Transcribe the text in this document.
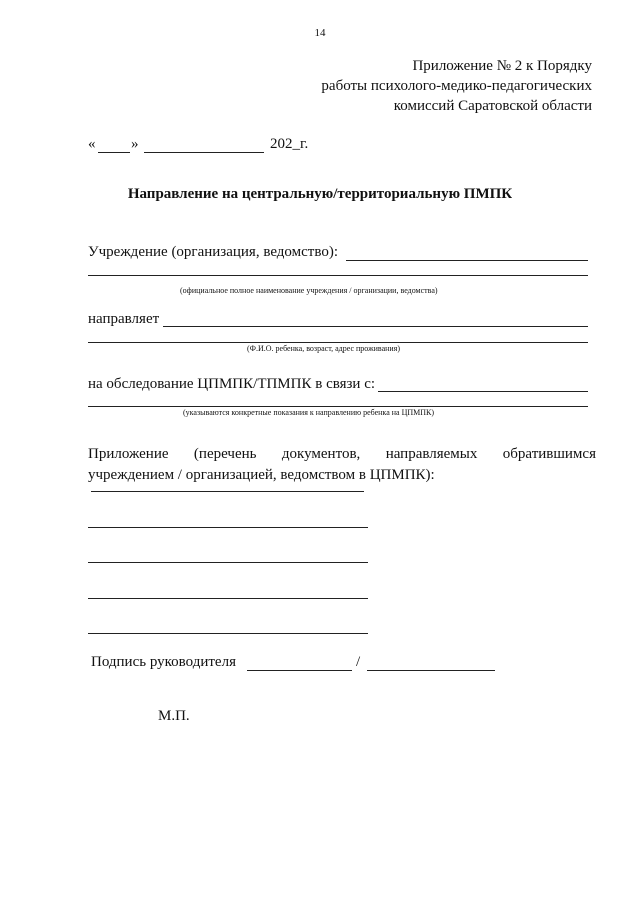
14
Приложение № 2 к Порядку
работы психолого-медико-педагогических
комиссий Саратовской области
« »	202_г.
Направление на центральную/территориальную ПМПК
Учреждение (организация, ведомство):
(официальное полное наименование учреждения / организации, ведомства)
направляет
(Ф.И.О. ребенка, возраст, адрес проживания)
на обследование ЦПМПК/ТПМПК в связи с:
(указываются конкретные показания к направлению ребенка на ЦПМПК)
Приложение (перечень документов, направляемых обратившимся учреждением / организацией, ведомством в ЦПМПК):
Подпись руководителя	/
М.П.
